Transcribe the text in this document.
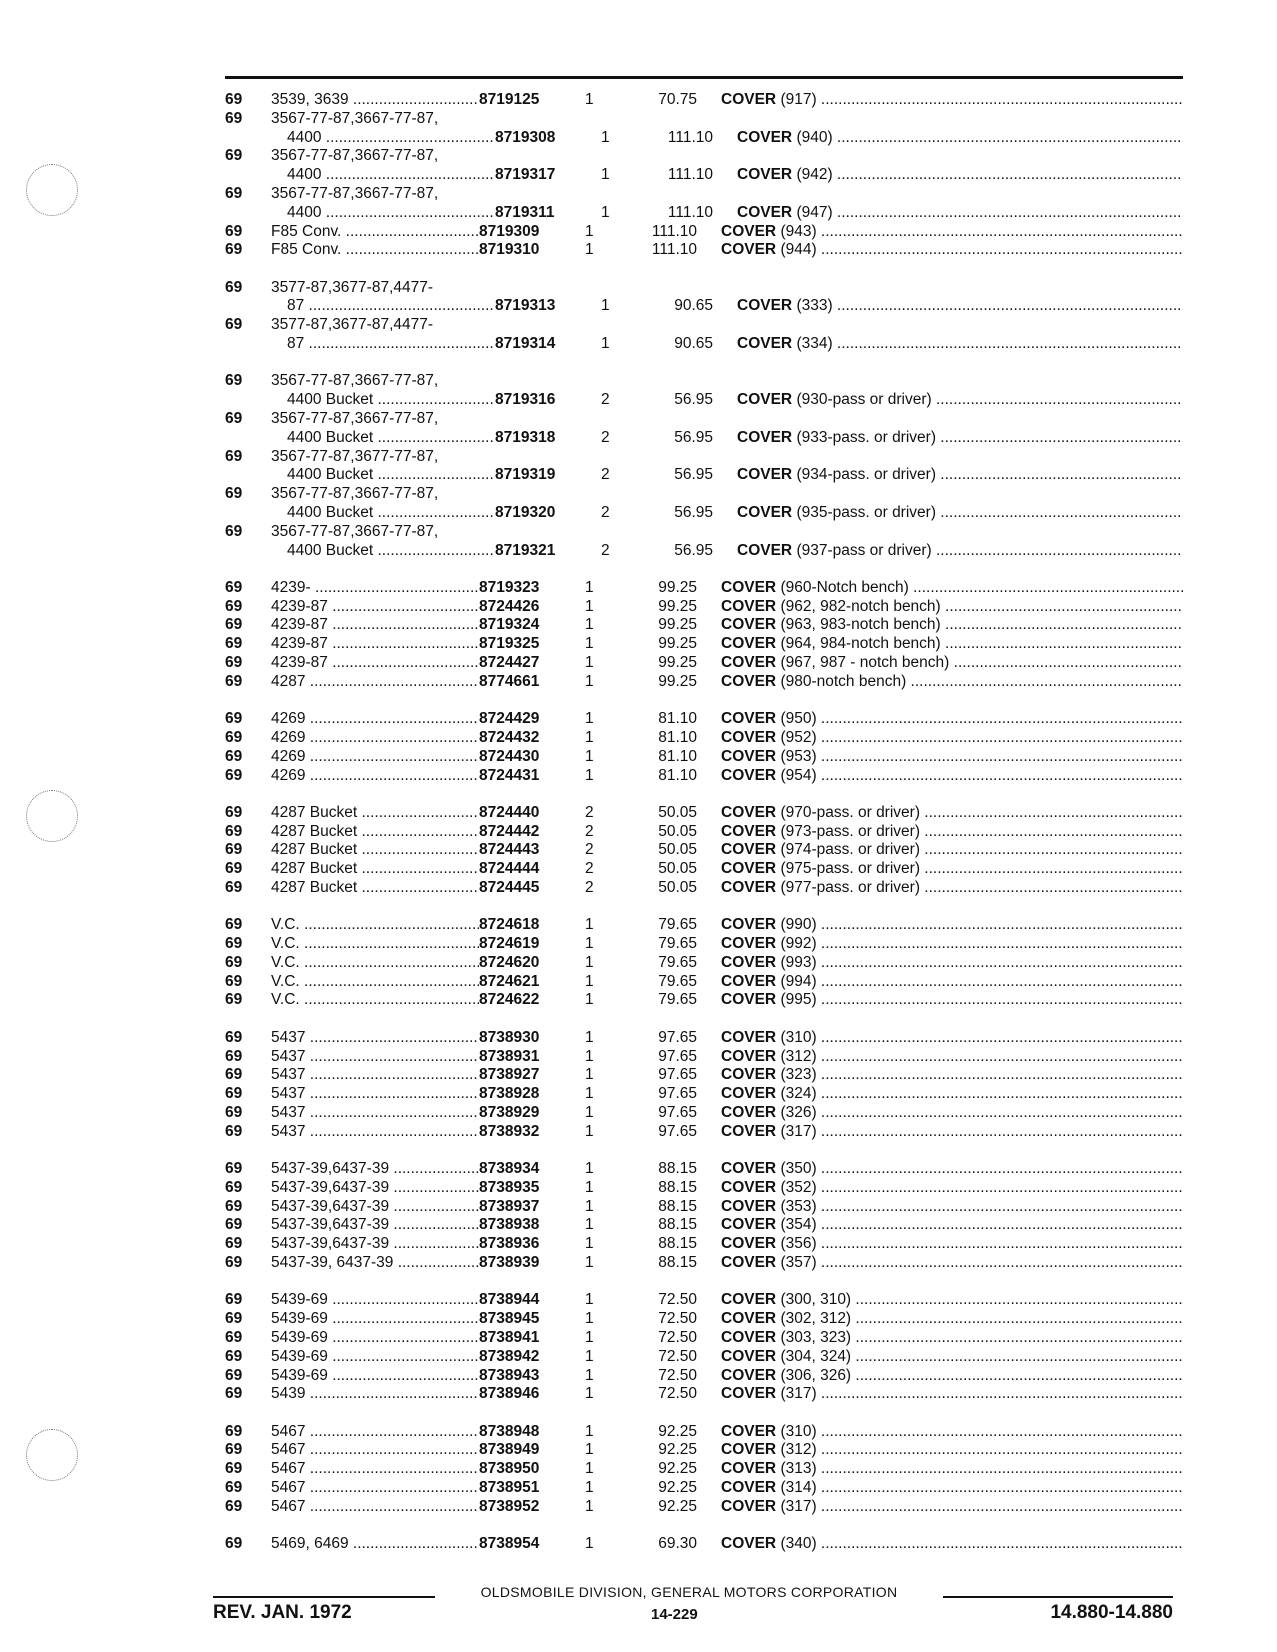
69	3539, 3639 .....	8719125	1	70.75	COVER (917) .....
69	3567-77-87,3667-77-87,
4400 .....	8719308	1	111.10	COVER (940) .....
69	3567-77-87,3667-77-87,
4400 .....	8719317	1	111.10	COVER (942) .....
69	3567-77-87,3667-77-87,
4400 .....	8719311	1	111.10	COVER (947) .....
69	F85 Conv. .....	8719309	1	111.10	COVER (943) .....
69	F85 Conv. .....	8719310	1	111.10	COVER (944) .....
69	3577-87,3677-87,4477-
87 .....	8719313	1	90.65	COVER (333) .....
69	3577-87,3677-87,4477-
87 .....	8719314	1	90.65	COVER (334) .....
69	3567-77-87,3667-77-87,
4400 Bucket .....	8719316	2	56.95	COVER (930-pass or driver) .....
69	3567-77-87,3667-77-87,
4400 Bucket .....	8719318	2	56.95	COVER (933-pass. or driver) .....
69	3567-77-87,3677-77-87,
4400 Bucket .....	8719319	2	56.95	COVER (934-pass. or driver) .....
69	3567-77-87,3667-77-87,
4400 Bucket .....	8719320	2	56.95	COVER (935-pass. or driver) .....
69	3567-77-87,3667-77-87,
4400 Bucket .....	8719321	2	56.95	COVER (937-pass or driver) .....
69	4239- .....	8719323	1	99.25	COVER (960-Notch bench) .....
69	4239-87 .....	8724426	1	99.25	COVER (962, 982-notch bench) .....
69	4239-87 .....	8719324	1	99.25	COVER (963, 983-notch bench) .....
69	4239-87 .....	8719325	1	99.25	COVER (964, 984-notch bench) .....
69	4239-87 .....	8724427	1	99.25	COVER (967, 987 - notch bench) .....
69	4287 .....	8774661	1	99.25	COVER (980-notch bench) .....
69	4269 .....	8724429	1	81.10	COVER (950) .....
69	4269 .....	8724432	1	81.10	COVER (952) .....
69	4269 .....	8724430	1	81.10	COVER (953) .....
69	4269 .....	8724431	1	81.10	COVER (954) .....
69	4287 Bucket .....	8724440	2	50.05	COVER (970-pass. or driver) .....
69	4287 Bucket .....	8724442	2	50.05	COVER (973-pass. or driver) .....
69	4287 Bucket .....	8724443	2	50.05	COVER (974-pass. or driver) .....
69	4287 Bucket .....	8724444	2	50.05	COVER (975-pass. or driver) .....
69	4287 Bucket .....	8724445	2	50.05	COVER (977-pass. or driver) .....
69	V.C. .....	8724618	1	79.65	COVER (990) .....
69	V.C. .....	8724619	1	79.65	COVER (992) .....
69	V.C. .....	8724620	1	79.65	COVER (993) .....
69	V.C. .....	8724621	1	79.65	COVER (994) .....
69	V.C. .....	8724622	1	79.65	COVER (995) .....
69	5437 .....	8738930	1	97.65	COVER (310) .....
69	5437 .....	8738931	1	97.65	COVER (312) .....
69	5437 .....	8738927	1	97.65	COVER (323) .....
69	5437 .....	8738928	1	97.65	COVER (324) .....
69	5437 .....	8738929	1	97.65	COVER (326) .....
69	5437 .....	8738932	1	97.65	COVER (317) .....
69	5437-39,6437-39 .....	8738934	1	88.15	COVER (350) .....
69	5437-39,6437-39 .....	8738935	1	88.15	COVER (352) .....
69	5437-39,6437-39 .....	8738937	1	88.15	COVER (353) .....
69	5437-39,6437-39 .....	8738938	1	88.15	COVER (354) .....
69	5437-39,6437-39 .....	8738936	1	88.15	COVER (356) .....
69	5437-39, 6437-39 .....	8738939	1	88.15	COVER (357) .....
69	5439-69 .....	8738944	1	72.50	COVER (300, 310) .....
69	5439-69 .....	8738945	1	72.50	COVER (302, 312) .....
69	5439-69 .....	8738941	1	72.50	COVER (303, 323) .....
69	5439-69 .....	8738942	1	72.50	COVER (304, 324) .....
69	5439-69 .....	8738943	1	72.50	COVER (306, 326) .....
69	5439 .....	8738946	1	72.50	COVER (317) .....
69	5467 .....	8738948	1	92.25	COVER (310) .....
69	5467 .....	8738949	1	92.25	COVER (312) .....
69	5467 .....	8738950	1	92.25	COVER (313) .....
69	5467 .....	8738951	1	92.25	COVER (314) .....
69	5467 .....	8738952	1	92.25	COVER (317) .....
69	5469, 6469 .....	8738954	1	69.30	COVER (340) .....
OLDSMOBILE DIVISION, GENERAL MOTORS CORPORATION
REV. JAN. 1972	14-229	14.880-14.880
